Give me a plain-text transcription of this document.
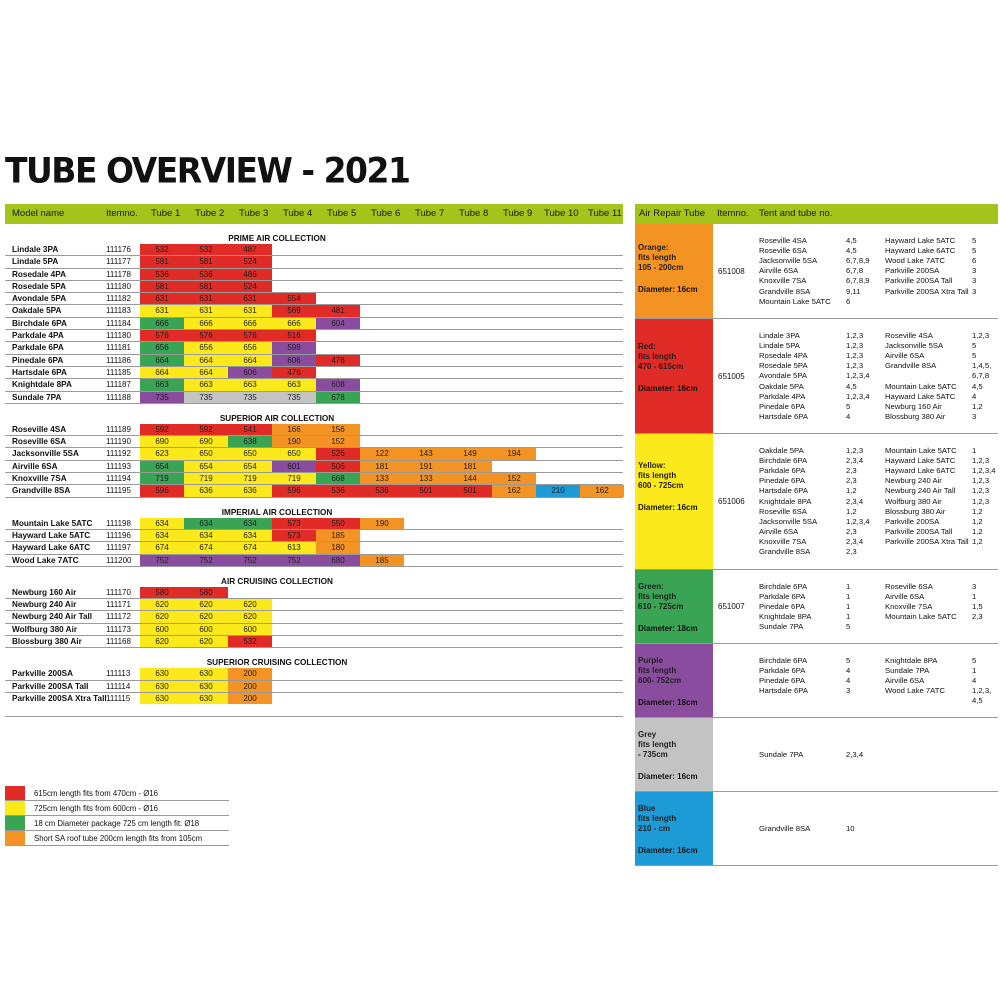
TUBE OVERVIEW - 2021
Model name	Itemno. Tube 1 Tube 2 Tube 3 Tube 4 Tube 5 Tube 6 Tube 7 Tube 8 Tube 9 Tube 10 Tube 11
PRIME AIR COLLECTION
Lindale 3PA	111176	532	532	487
Lindale 5PA	111177	581	581	524
Rosedale 4PA	111178	536	536	486
Rosedale 5PA	111180	581	581	524
Avondale 5PA	111182	631	631	631	554
Oakdale 5PA	111183	631	631	631	569	481
Birchdale 6PA	111184	666	666	666	666	604
Parkdale 4PA	111180	576	576	576	516
Parkdale 6PA	111181	656	656	656	598
Pinedale 6PA	111186	664	664	664	606	476
Hartsdale 6PA	111185	664	664	606	476
Knightdale 8PA	111187	663	663	663	663	608
Sundale 7PA	111188	735	735	735	735	678
SUPERIOR AIR COLLECTION
Roseville 4SA	111189	592	592	541	166	156
Roseville 6SA	111190	690	690	638	190	152
Jacksonville 5SA	111192	623	650	650	650	526	122	143	149	194
Airville 6SA	111193	654	654	654	601	506	181	191	181
Knoxville 7SA	111194	719	719	719	719	668	133	133	144	152
Grandville 8SA	111195	596	636	636	596	536	536	501	501	162	210	162
IMPERIAL AIR COLLECTION
Mountain Lake 5ATC 111198	634	634	634	573	550	190
Hayward Lake 5ATC 111196	634	634	634	573	185
Hayward Lake 6ATC 111197	674	674	674	613	180
Wood Lake 7ATC	111200	752	752	752	752	680	185
AIR CRUISING COLLECTION
Newburg 160 Air	111170	580	580
Newburg 240 Air	111171	620	620	620
Newburg 240 Air Tall 111172	620	620	620
Wolfburg 380 Air	111173	600	600	600
Blossburg 380 Air	111168	620	620	532
SUPERIOR CRUISING COLLECTION
Parkville 200SA	111113	630	630	200
Parkville 200SA Tall 111114	630	630	200
Parkville 200SA Xtra Tall 111115	630	630	200
615cm length fits from 470cm - Ø16
725cm length fits from 600cm - Ø16
18 cm Diameter package 725 cm length fit: Ø18
Short SA roof tube 200cm length fits from 105cm
Air Repair Tube Itemno. Tent and tube no.
Orange:
fits length
105 - 200cm
Diameter: 16cm
651008
Roseville 4SA	4,5
Roseville 6SA	4,5
Jacksonville 5SA	6,7,8,9
Airville 6SA	6,7,8
Knoxville 7SA	6,7,8,9
Grandville 8SA	9,11
Mountain Lake 5ATC 6
Hayward Lake 5ATC 5
Hayward Lake 6ATC 5
Wood Lake 7ATC	6
Parkville 200SA	3
Parkville 200SA Tall	3
Parkville 200SA Xtra Tall 3
Red:
fits length
470 - 615cm
Diameter: 16cm
651005
Lindale 3PA	1,2,3
Lindale 5PA	1,2,3
Rosedale 4PA	1,2,3
Rosedale 5PA	1,2,3
Avondale 5PA	1,2,3,4
Oakdale 5PA	4,5
Parkdale 4PA	1,2,3,4
Pinedale 6PA	5
Hartsdale 6PA	4
Roseville 4SA	1,2,3
Jacksonville 5SA	5
Airville 6SA	5
Grandville 8SA	1,4,5,
6,7,8
Mountain Lake 5ATC 4,5
Hayward Lake 5ATC 4
Newburg 160 Air	1,2
Blossburg 380 Air	3
Yellow:
fits length
600 - 725cm
Diameter: 16cm
651006
Oakdale 5PA	1,2,3
Birchdale 6PA	2,3,4
Parkdale 6PA	2,3
Pinedale 6PA	2,3
Hartsdale 6PA	1,2
Knightdale 8PA	2,3,4
Roseville 6SA	1,2
Jacksonville 5SA	1,2,3,4
Airville 6SA	2,3
Knoxville 7SA	2,3,4
Grandville 8SA	2,3
Mountain Lake 5ATC 1
Hayward Lake 5ATC 1,2,3
Hayward Lake 6ATC 1,2,3,4
Newburg 240 Air	1,2,3
Newburg 240 Air Tall 1,2,3
Wolfburg 380 Air	1,2,3
Blossburg 380 Air	1,2
Parkville 200SA	1,2
Parkville 200SA Tall	1,2
Parkville 200SA Xtra Tall 1,2
Green:
fits length
610 - 725cm
Diameter: 18cm
651007
Birchdale 6PA	1
Parkdale 6PA	1
Pinedale 6PA	1
Knightdale 8PA	1
Sundale 7PA	5
Roseville 6SA	3
Airville 6SA	1
Knoxville 7SA	1,5
Mountain Lake 5ATC 2,3
Purple
fits length
600- 752cm
Diameter: 18cm
Birchdale 6PA	5
Parkdale 6PA	4
Pinedale 6PA	4
Hartsdale 6PA	3
Knightdale 8PA	5
Sundale 7PA	1
Airville 6SA	4
Wood Lake 7ATC	1,2,3,
4,5
Grey
fits length
- 735cm
Diameter: 16cm
Sundale 7PA	2,3,4
Blue
fits length
210 - cm
Diameter: 16cm
Grandville 8SA	10
